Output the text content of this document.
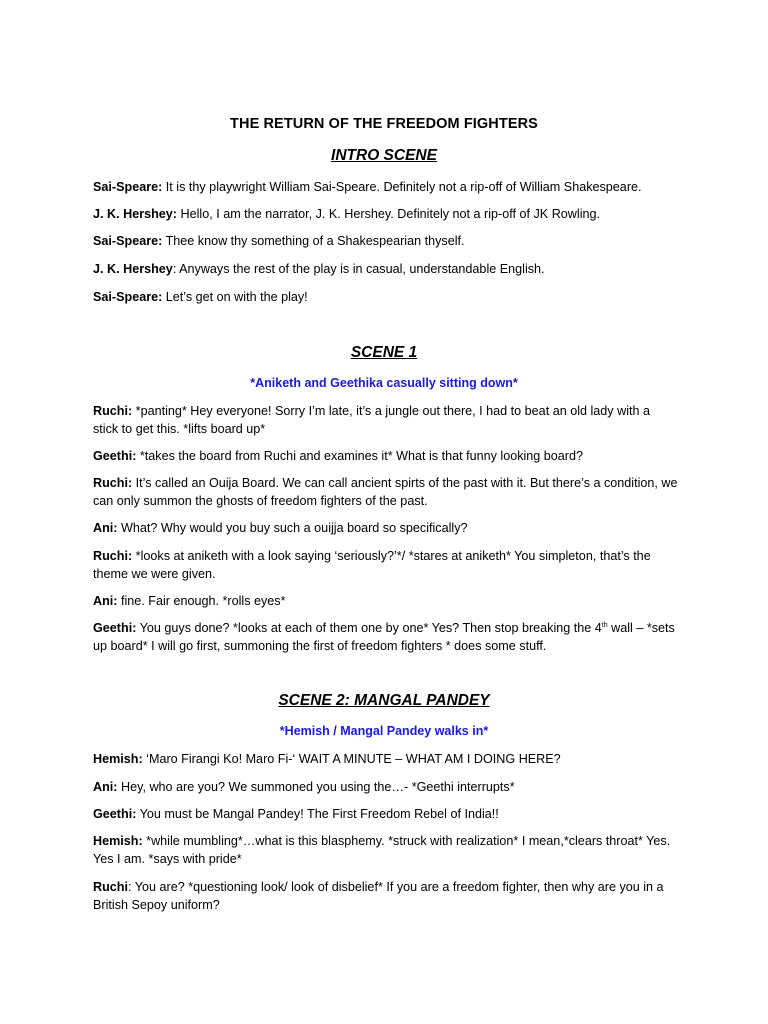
THE RETURN OF THE FREEDOM FIGHTERS
INTRO SCENE
Sai-Speare: It is thy playwright William Sai-Speare. Definitely not a rip-off of William Shakespeare.
J. K. Hershey: Hello, I am the narrator, J. K. Hershey. Definitely not a rip-off of JK Rowling.
Sai-Speare: Thee know thy something of a Shakespearian thyself.
J. K. Hershey: Anyways the rest of the play is in casual, understandable English.
Sai-Speare: Let’s get on with the play!
SCENE 1
*Aniketh and Geethika casually sitting down*
Ruchi: *panting* Hey everyone! Sorry I’m late, it’s a jungle out there, I had to beat an old lady with a stick to get this. *lifts board up*
Geethi: *takes the board from Ruchi and examines it* What is that funny looking board?
Ruchi: It’s called an Ouija Board. We can call ancient spirts of the past with it. But there’s a condition, we can only summon the ghosts of freedom fighters of the past.
Ani: What? Why would you buy such a ouijja board so specifically?
Ruchi: *looks at aniketh with a look saying ‘seriously?’*/ *stares at aniketh* You simpleton, that’s the theme we were given.
Ani: fine. Fair enough. *rolls eyes*
Geethi: You guys done? *looks at each of them one by one* Yes? Then stop breaking the 4th wall – *sets up board* I will go first, summoning the first of freedom fighters * does some stuff.
SCENE 2: MANGAL PANDEY
*Hemish / Mangal Pandey walks in*
Hemish: ‘Maro Firangi Ko! Maro Fi-‘ WAIT A MINUTE – WHAT AM I DOING HERE?
Ani: Hey, who are you? We summoned you using the…- *Geethi interrupts*
Geethi: You must be Mangal Pandey! The First Freedom Rebel of India!!
Hemish: *while mumbling*…what is this blasphemy. *struck with realization* I mean,*clears throat* Yes. Yes I am. *says with pride*
Ruchi: You are? *questioning look/ look of disbelief* If you are a freedom fighter, then why are you in a British Sepoy uniform?
